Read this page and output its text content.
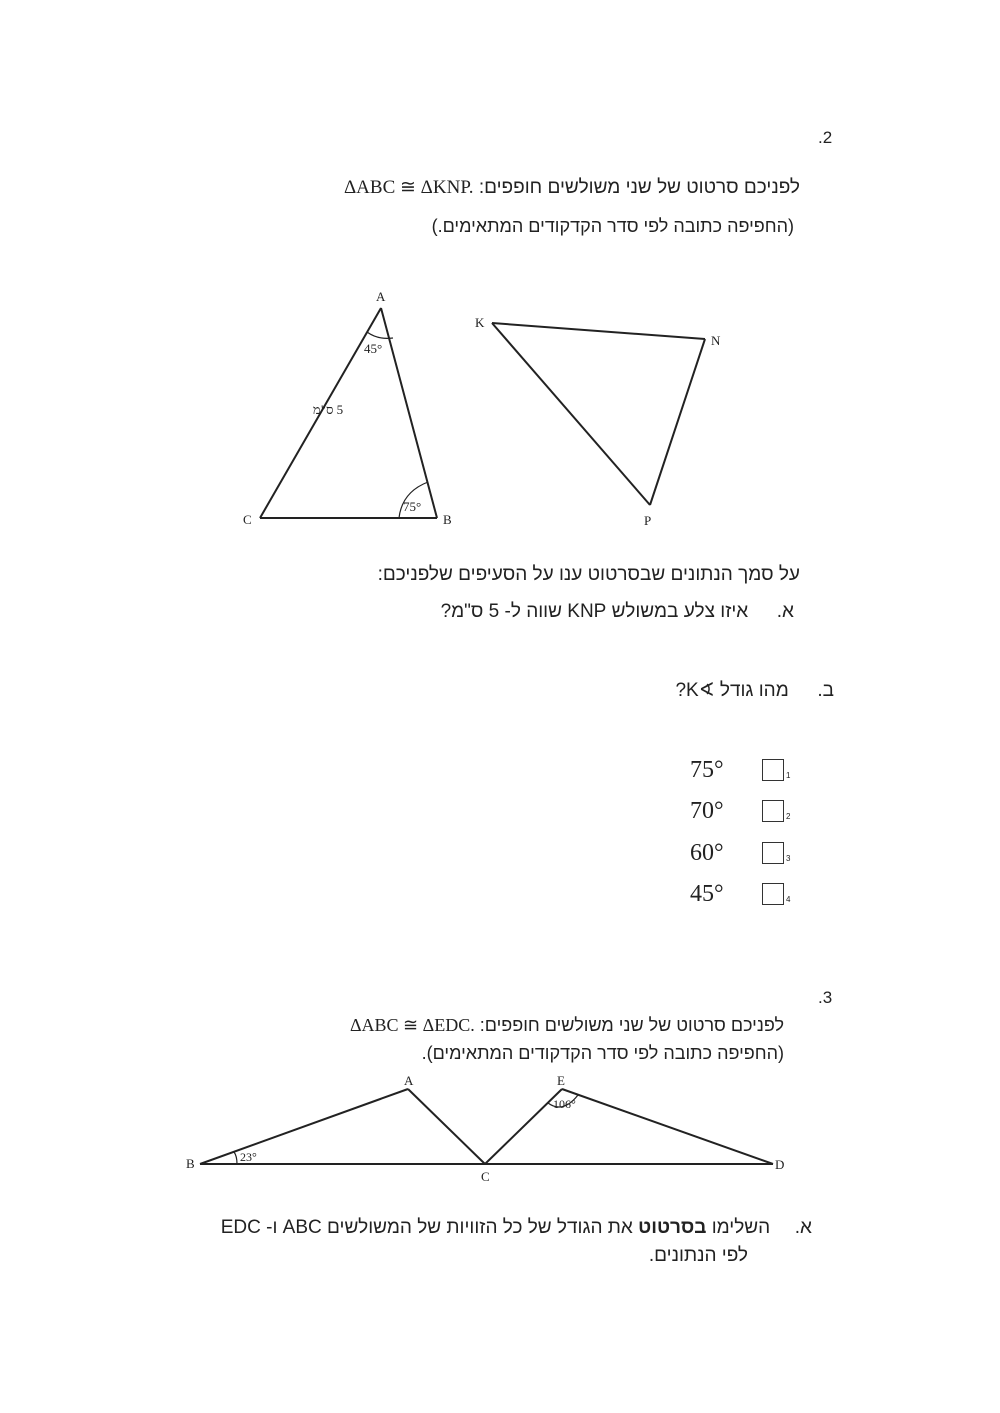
.2
לפניכם סרטוט של שני משולשים חופפים: ΔABC ≅ ΔKNP.
(החפיפה כתובה לפי סדר הקדקודים המתאימים.)
A
B
C
45°
75°
5 ס"מ
K
N
P
על סמך הנתונים שבסרטוט ענו על הסעיפים שלפניכם:
א.  איזו צלע במשולש KNP שווה ל- 5 ס"מ?
ב.  מהו גודל ∢K?
75°	1
70°	2
60°	3
45°	4
.3
לפניכם סרטוט של שני משולשים חופפים: ΔABC ≅ ΔEDC.
(החפיפה כתובה לפי סדר הקדקודים המתאימים).
A
B
C
D
E
23°
106°
א.  השלימו בסרטוט את הגודל של כל הזוויות של המשולשים ABC ו- EDC
לפי הנתונים.
